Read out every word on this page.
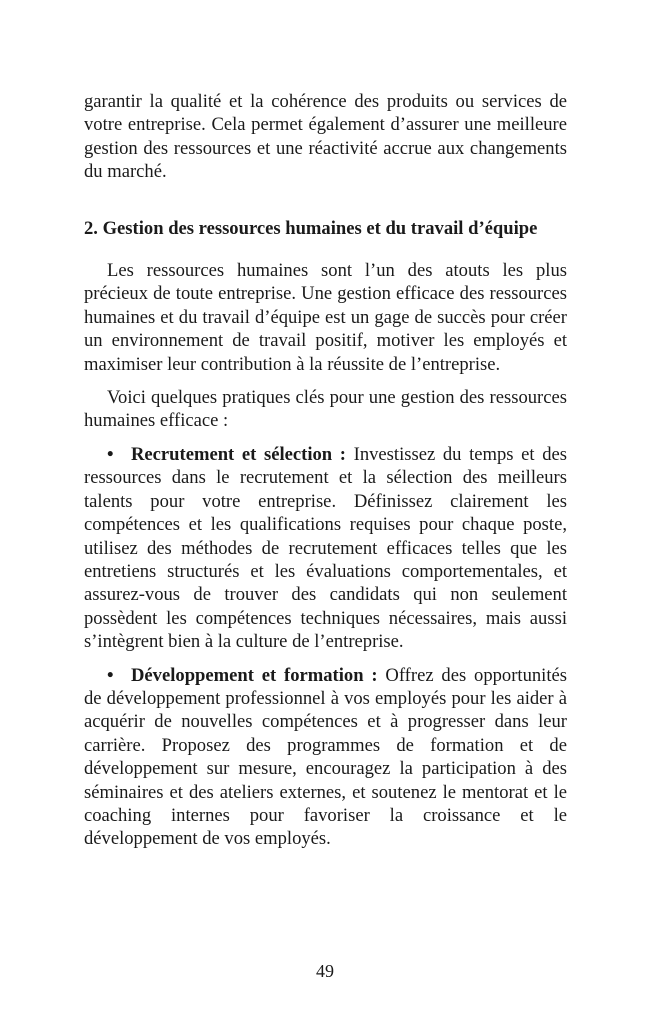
garantir la qualité et la cohérence des produits ou services de votre entreprise. Cela permet également d’assurer une meilleure gestion des ressources et une réactivité accrue aux changements du marché.

2. Gestion des ressources humaines et du travail d’équipe

Les ressources humaines sont l’un des atouts les plus précieux de toute entreprise. Une gestion efficace des ressources humaines et du travail d’équipe est un gage de succès pour créer un environnement de travail positif, motiver les employés et maximiser leur contribution à la réussite de l’entreprise.

Voici quelques pratiques clés pour une gestion des ressources humaines efficace :

• Recrutement et sélection : Investissez du temps et des ressources dans le recrutement et la sélection des meilleurs talents pour votre entreprise. Définissez clairement les compétences et les qualifications requises pour chaque poste, utilisez des méthodes de recrutement efficaces telles que les entretiens structurés et les évaluations comportementales, et assurez-vous de trouver des candidats qui non seulement possèdent les compétences techniques nécessaires, mais aussi s’intègrent bien à la culture de l’entreprise.

• Développement et formation : Offrez des opportunités de développement professionnel à vos employés pour les aider à acquérir de nouvelles compétences et à progresser dans leur carrière. Proposez des programmes de formation et de développement sur mesure, encouragez la participation à des séminaires et des ateliers externes, et soutenez le mentorat et le coaching internes pour favoriser la croissance et le développement de vos employés.

49
